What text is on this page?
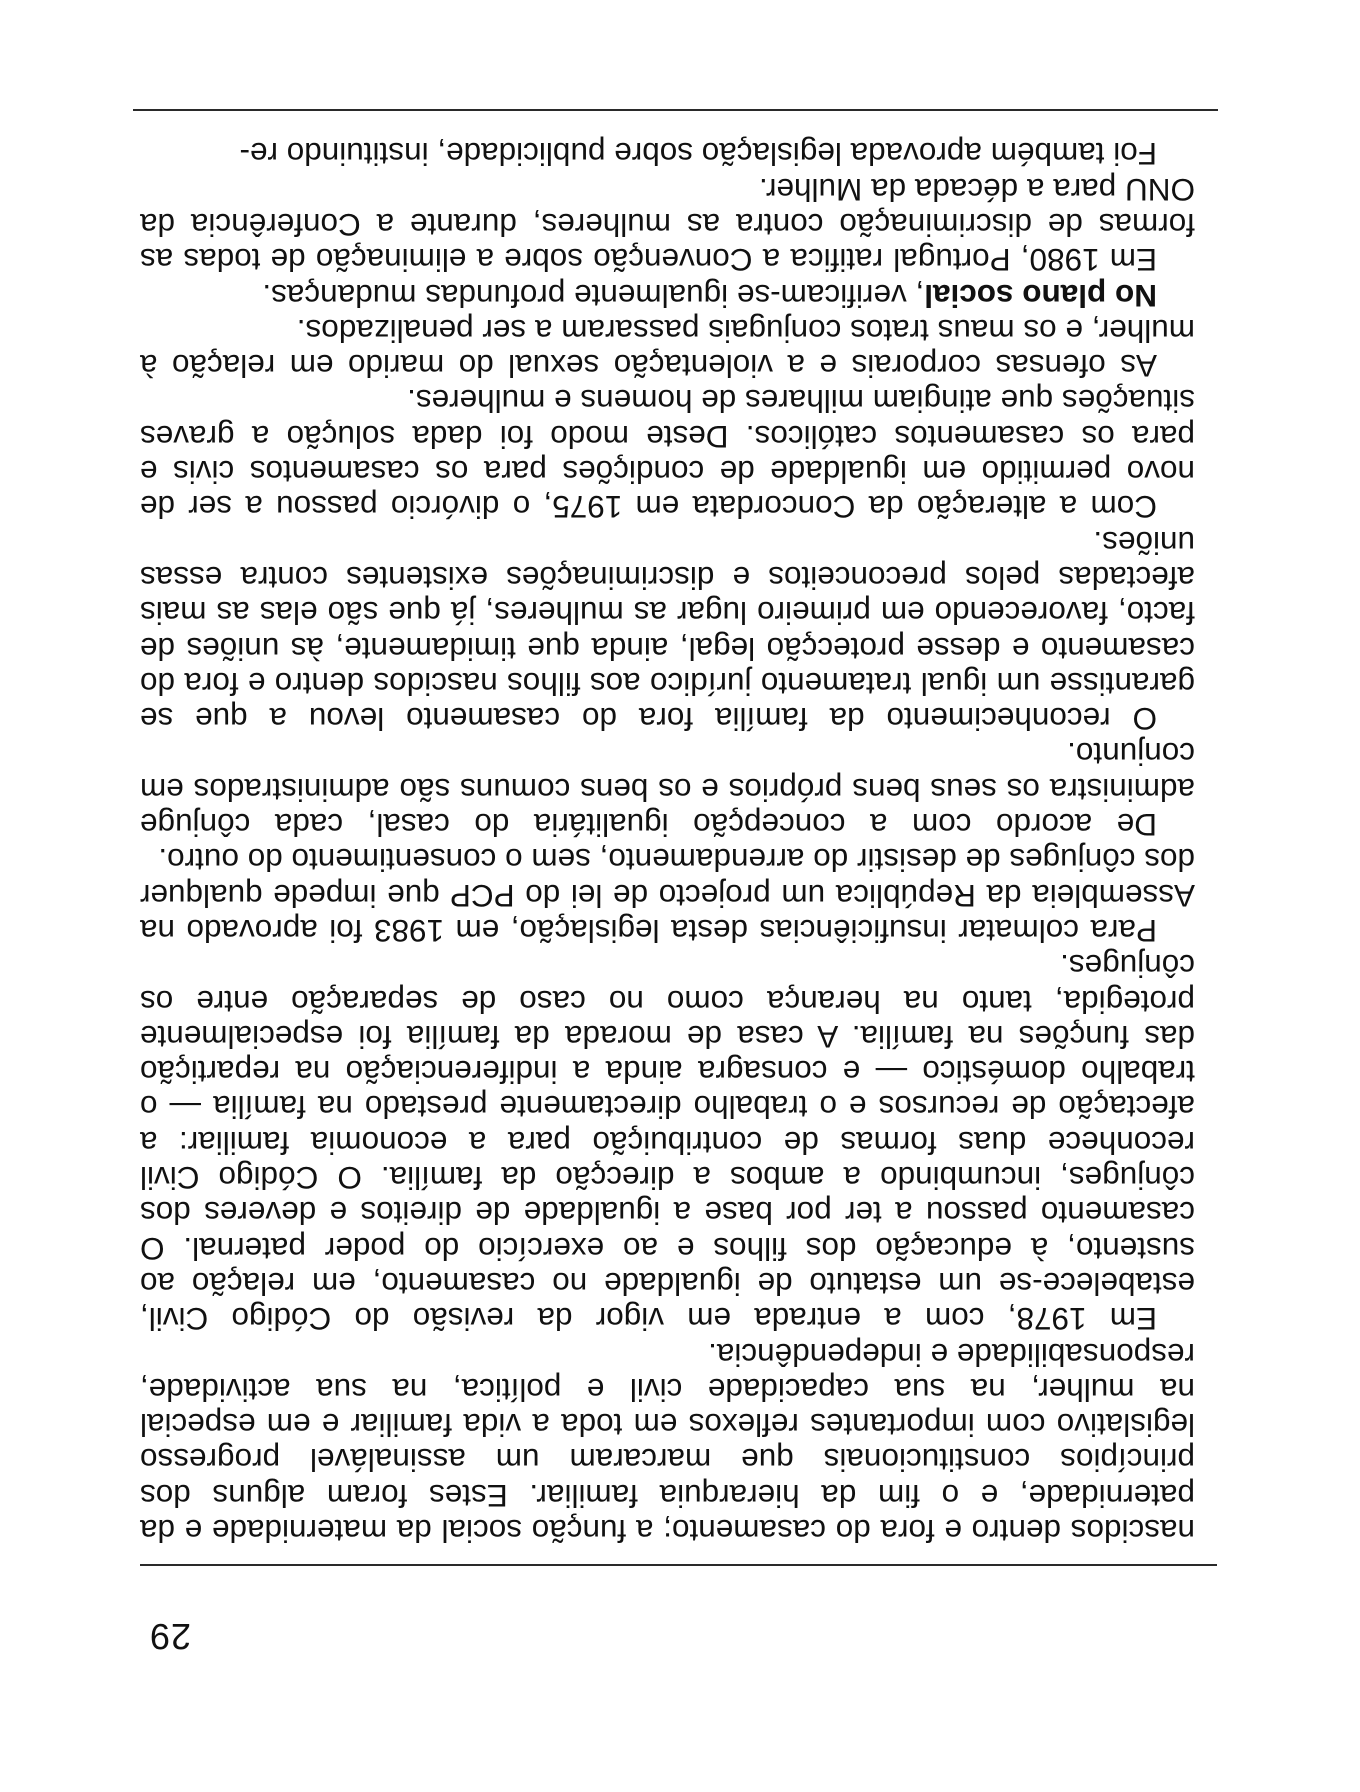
29

nascidos dentro e fora do casamento; a função social da maternidade e da paternidade, e o fim da hierarquia familiar. Estes foram alguns dos princípios constitucionais que marcaram um assinalável progresso legislativo com importantes reflexos em toda a vida familiar e em especial na mulher, na sua capacidade civil e política, na sua actividade, responsabilidade e independência.

Em 1978, com a entrada em vigor da revisão do Código Civil, estabelece-se um estatuto de igualdade no casamento, em relação ao sustento, à educação dos filhos e ao exercício do poder paternal. O casamento passou a ter por base a igualdade de direitos e deveres dos cônjuges, incumbindo a ambos a direcção da família. O Código Civil reconhece duas formas de contribuição para a economia familiar: a afectação de recursos e o trabalho directamente prestado na família — o trabalho doméstico — e consagra ainda a indiferenciação na repartição das funções na família. A casa de morada da família foi especialmente protegida, tanto na herança como no caso de separação entre os cônjuges.

Para colmatar insuficiências desta legislação, em 1983 foi aprovado na Assembleia da República um projecto de lei do PCP que impede qualquer dos cônjuges de desistir do arrendamento, sem o consentimento do outro.

De acordo com a concepção igualitária do casal, cada cônjuge administra os seus bens próprios e os bens comuns são administrados em conjunto.

O reconhecimento da família fora do casamento levou a que se garantisse um igual tratamento jurídico aos filhos nascidos dentro e fora do casamento e desse protecção legal, ainda que timidamente, às uniões de facto, favorecendo em primeiro lugar as mulheres, já que são elas as mais afectadas pelos preconceitos e discriminações existentes contra essas uniões.

Com a alteração da Concordata em 1975, o divórcio passou a ser de novo permitido em igualdade de condições para os casamentos civis e para os casamentos católicos. Deste modo foi dada solução a graves situações que atingiam milhares de homens e mulheres.

As ofensas corporais e a violentação sexual do marido em relação à mulher, e os maus tratos conjugais passaram a ser penalizados.

No plano social, verificam-se igualmente profundas mudanças.

Em 1980, Portugal ratifica a Convenção sobre a eliminação de todas as formas de discriminação contra as mulheres, durante a Conferência da ONU para a década da Mulher.

Foi também aprovada legislação sobre publicidade, instituindo re-
